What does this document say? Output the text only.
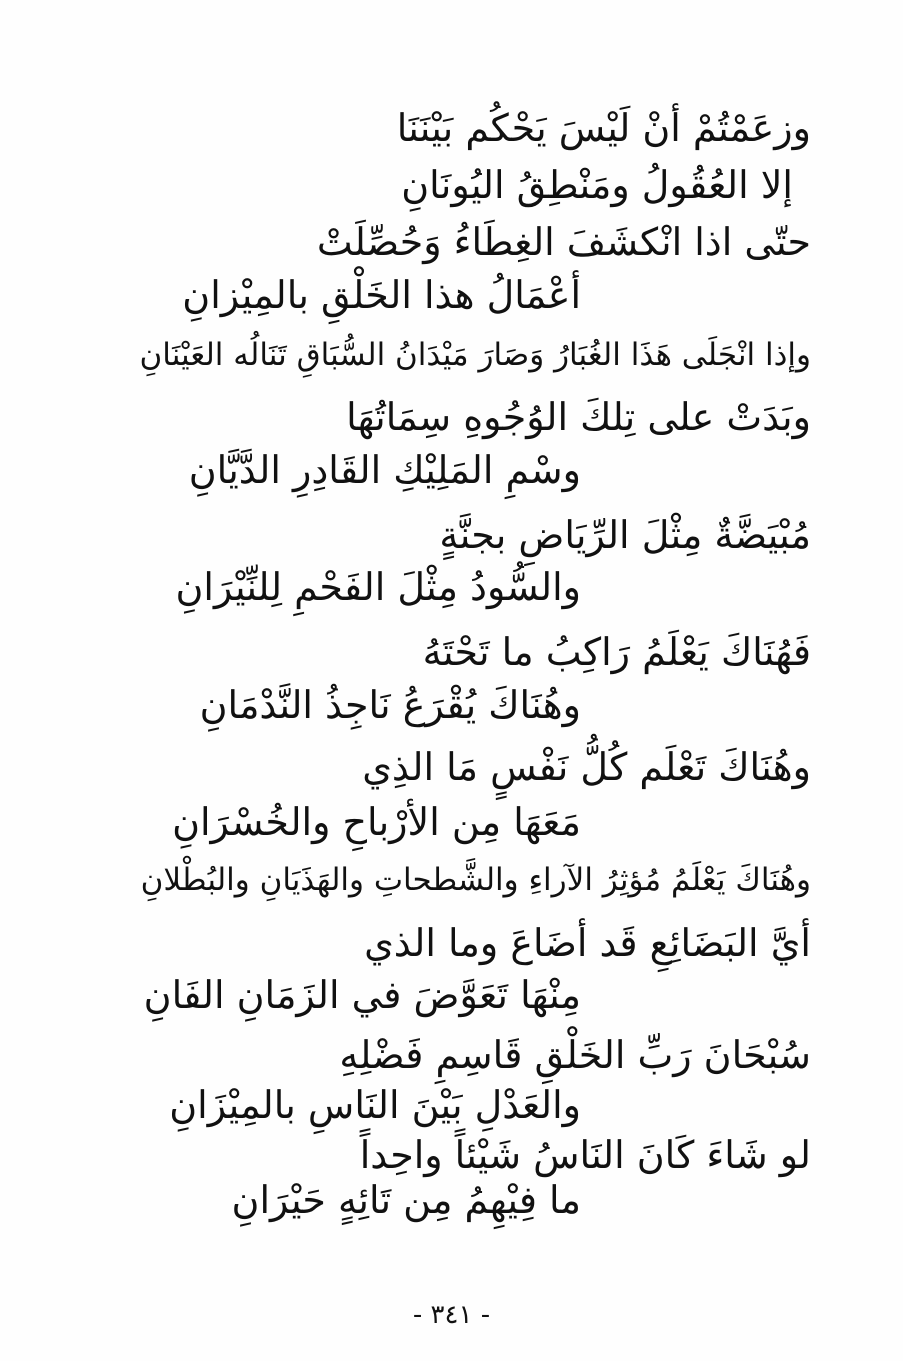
وزعَمْتُمْ أنْ لَيْسَ يَحْكُم بَيْنَنَا
إلا العُقُولُ ومَنْطِقُ اليُونَانِ
حتّى اذا انْكشَفَ الغِطَاءُ وَحُصِّلَتْ
أعْمَالُ هذا الخَلْقِ بالمِيْزانِ
وإذا انْجَلَى هَذَا الغُبَارُ وَصَارَ مَيْدَانُ السُّبَاقِ تَنَالُه العَيْنَانِ
وبَدَتْ على تِلكَ الوُجُوهِ سِمَاتُهَا
وسْمِ المَلِيْكِ القَادِرِ الدَّيَّانِ
مُبْيَضَّةٌ مِثْلَ الرِّيَاضِ بجنَّةٍ
والسُّودُ مِثْلَ الفَحْمِ لِلنِّيْرَانِ
فَهُنَاكَ يَعْلَمُ رَاكِبُ ما تَحْتَهُ
وهُنَاكَ يُقْرَعُ نَاجِذُ النَّدْمَانِ
وهُنَاكَ تَعْلَم كُلُّ نَفْسٍ مَا الذِي
مَعَهَا مِن الأرْباحِ والخُسْرَانِ
وهُنَاكَ يَعْلَمُ مُؤثِرُ الآراءِ والشَّطحاتِ والهَذَيَانِ والبُطْلانِ
أيَّ البَضَائِعِ قَد أضَاعَ وما الذي
مِنْهَا تَعَوَّضَ في الزَمَانِ الفَانِ
سُبْحَانَ رَبِّ الخَلْقِ قَاسِمِ فَضْلِهِ
والعَدْلِ بَيْنَ النَاسِ بالمِيْزَانِ
لو شَاءَ كَانَ النَاسُ شَيْئاً واحِداً
ما فِيْهِمُ مِن تَائِهٍ حَيْرَانِ
- ٣٤١ -
